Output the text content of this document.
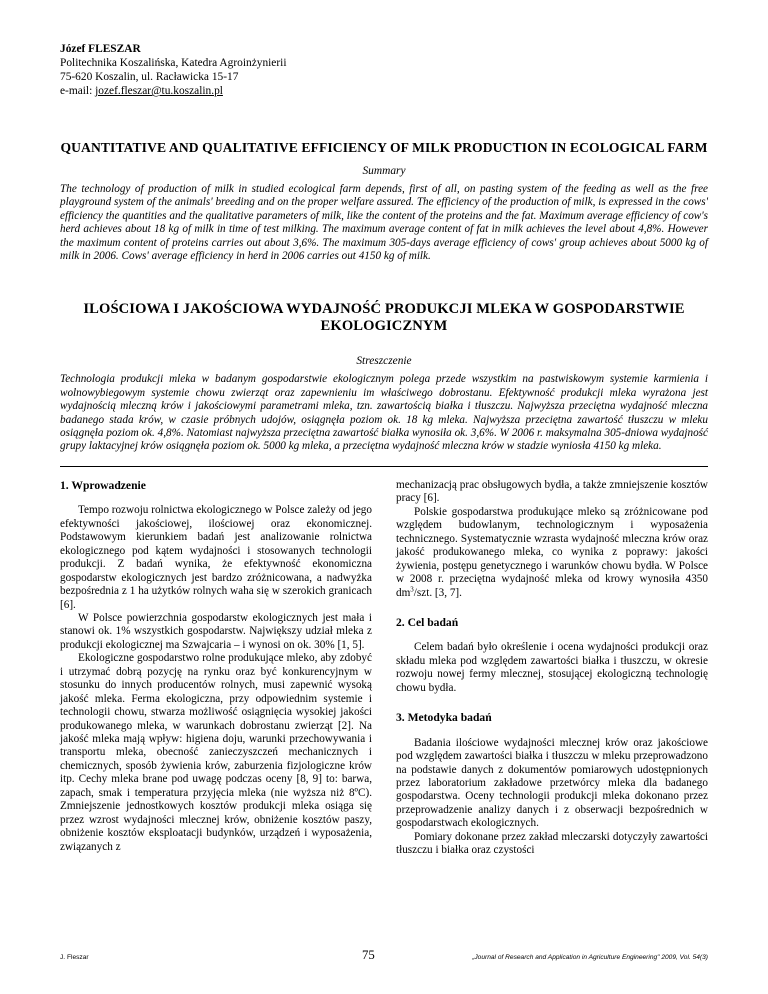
Józef FLESZAR
Politechnika Koszalińska, Katedra Agroinżynierii
75-620 Koszalin, ul. Racławicka 15-17
e-mail: jozef.fleszar@tu.koszalin.pl
QUANTITATIVE AND QUALITATIVE EFFICIENCY OF MILK PRODUCTION IN ECOLOGICAL FARM
Summary
The technology of production of milk in studied ecological farm depends, first of all, on pasting system of the feeding as well as the free playground system of the animals' breeding and on the proper welfare assured. The efficiency of the production of milk, is expressed in the cows' efficiency the quantities and the qualitative parameters of milk, like the content of the proteins and the fat. Maximum average efficiency of cow's herd achieves about 18 kg of milk in time of test milking. The maximum average content of fat in milk achieves the level about 4,8%. However the maximum content of proteins carries out about 3,6%. The maximum 305-days average efficiency of cows' group achieves about 5000 kg of milk in 2006. Cows' average efficiency in herd in 2006 carries out 4150 kg of milk.
ILOŚCIOWA I JAKOŚCIOWA WYDAJNOŚĆ PRODUKCJI MLEKA W GOSPODARSTWIE EKOLOGICZNYM
Streszczenie
Technologia produkcji mleka w badanym gospodarstwie ekologicznym polega przede wszystkim na pastwiskowym systemie karmienia i wolnowybiegowym systemie chowu zwierząt oraz zapewnieniu im właściwego dobrostanu. Efektywność produkcji mleka wyrażona jest wydajnością mleczną krów i jakościowymi parametrami mleka, tzn. zawartością białka i tłuszczu. Najwyższa przeciętna wydajność mleczna badanego stada krów, w czasie próbnych udojów, osiągnęła poziom ok. 18 kg mleka. Najwyższa przeciętna zawartość tłuszczu w mleku osiągnęła poziom ok. 4,8%. Natomiast najwyższa przeciętna zawartość białka wynosiła ok. 3,6%. W 2006 r. maksymalna 305-dniowa wydajność grupy laktacyjnej krów osiągnęła poziom ok. 5000 kg mleka, a przeciętna wydajność mleczna krów w stadzie wyniosła 4150 kg mleka.
1. Wprowadzenie

Tempo rozwoju rolnictwa ekologicznego w Polsce zależy od jego efektywności jakościowej, ilościowej oraz ekonomicznej. Podstawowym kierunkiem badań jest analizowanie rolnictwa ekologicznego pod kątem wydajności i stosowanych technologii produkcji. Z badań wynika, że efektywność ekonomiczna gospodarstw ekologicznych jest bardzo zróżnicowana, a nadwyżka bezpośrednia z 1 ha użytków rolnych waha się w szerokich granicach [6].

W Polsce powierzchnia gospodarstw ekologicznych jest mała i stanowi ok. 1% wszystkich gospodarstw. Największy udział mleka z produkcji ekologicznej ma Szwajcaria – i wynosi on ok. 30% [1, 5].

Ekologiczne gospodarstwo rolne produkujące mleko, aby zdobyć i utrzymać dobrą pozycję na rynku oraz być konkurencyjnym w stosunku do innych producentów rolnych, musi zapewnić wysoką jakość mleka. Ferma ekologiczna, przy odpowiednim systemie i technologii chowu, stwarza możliwość osiągnięcia wysokiej jakości produkowanego mleka, w warunkach dobrostanu zwierząt [2]. Na jakość mleka mają wpływ: higiena doju, warunki przechowywania i transportu mleka, obecność zanieczyszczeń mechanicznych i chemicznych, sposób żywienia krów, zaburzenia fizjologiczne krów itp. Cechy mleka brane pod uwagę podczas oceny [8, 9] to: barwa, zapach, smak i temperatura przyjęcia mleka (nie wyższa niż 8ºC). Zmniejszenie jednostkowych kosztów produkcji mleka osiąga się przez wzrost wydajności mlecznej krów, obniżenie kosztów paszy, obniżenie kosztów eksploatacji budynków, urządzeń i wyposażenia, związanych z

mechanizacją prac obsługowych bydła, a także zmniejszenie kosztów pracy [6].

Polskie gospodarstwa produkujące mleko są zróżnicowane pod względem budowlanym, technologicznym i wyposażenia technicznego. Systematycznie wzrasta wydajność mleczna krów oraz jakość produkowanego mleka, co wynika z poprawy: jakości żywienia, postępu genetycznego i warunków chowu bydła. W Polsce w 2008 r. przeciętna wydajność mleka od krowy wynosiła 4350 $dm^3$/szt. [3, 7].

2. Cel badań

Celem badań było określenie i ocena wydajności produkcji oraz składu mleka pod względem zawartości białka i tłuszczu, w okresie rozwoju nowej fermy mlecznej, stosującej ekologiczną technologię chowu bydła.

3. Metodyka badań

Badania ilościowe wydajności mlecznej krów oraz jakościowe pod względem zawartości białka i tłuszczu w mleku przeprowadzono na podstawie danych z dokumentów pomiarowych udostępnionych przez laboratorium zakładowe przetwórcy mleka dla badanego gospodarstwa. Oceny technologii produkcji mleka dokonano przez przeprowadzenie analizy danych i z obserwacji bezpośrednich w gospodarstwach ekologicznych.

Pomiary dokonane przez zakład mleczarski dotyczyły zawartości tłuszczu i białka oraz czystości

J. Fleszar	75	„Journal of Research and Application in Agriculture Engineering" 2009, Vol. 54(3)
